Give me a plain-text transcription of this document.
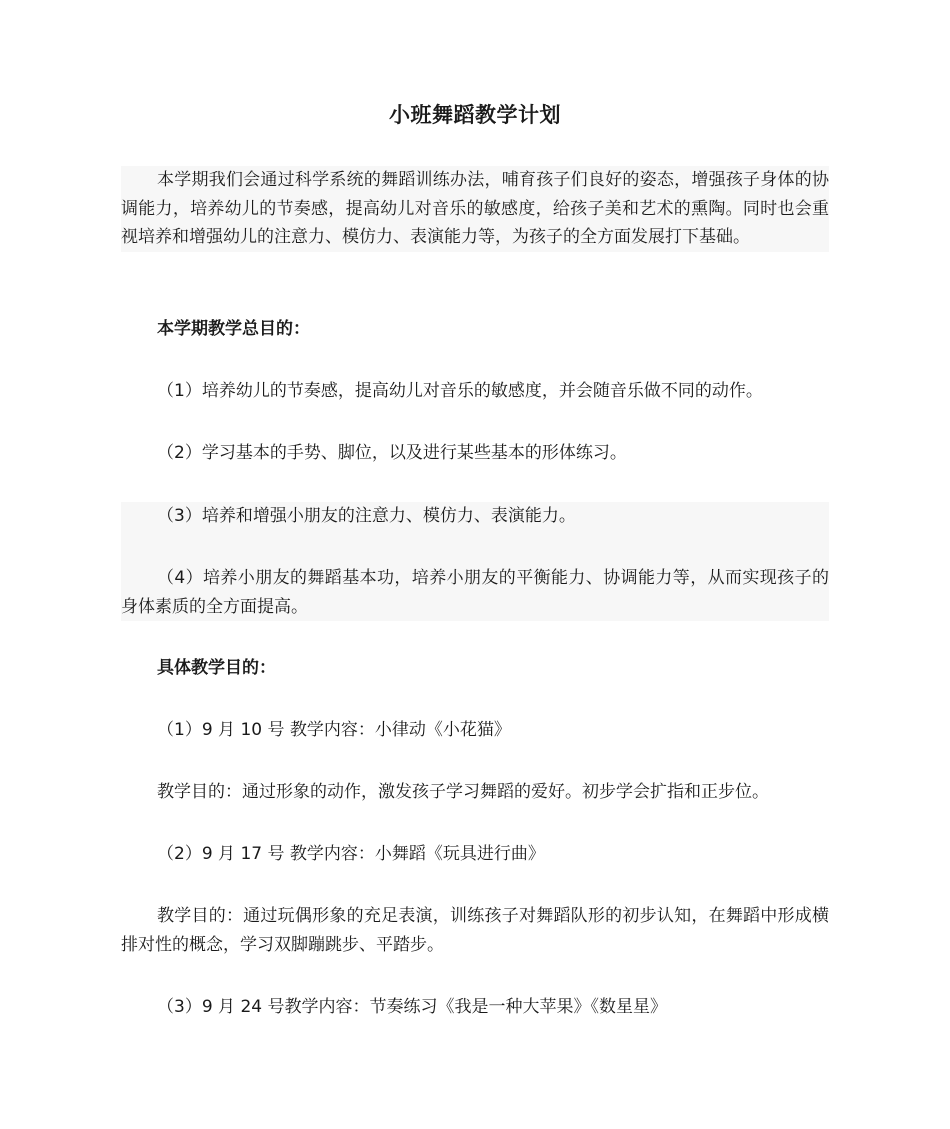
小班舞蹈教学计划

本学期我们会通过科学系统的舞蹈训练办法，哺育孩子们良好的姿态，增强孩子身体的协调能力，培养幼儿的节奏感，提高幼儿对音乐的敏感度，给孩子美和艺术的熏陶。同时也会重视培养和增强幼儿的注意力、模仿力、表演能力等，为孩子的全方面发展打下基础。

本学期教学总目的：

（1）培养幼儿的节奏感，提高幼儿对音乐的敏感度，并会随音乐做不同的动作。

（2）学习基本的手势、脚位，以及进行某些基本的形体练习。

（3）培养和增强小朋友的注意力、模仿力、表演能力。

（4）培养小朋友的舞蹈基本功，培养小朋友的平衡能力、协调能力等，从而实现孩子的身体素质的全方面提高。

具体教学目的：

（1）9 月 10 号 教学内容：小律动《小花猫》

教学目的：通过形象的动作，激发孩子学习舞蹈的爱好。初步学会扩指和正步位。

（2）9 月 17 号 教学内容：小舞蹈《玩具进行曲》

教学目的：通过玩偶形象的充足表演，训练孩子对舞蹈队形的初步认知，在舞蹈中形成横排对性的概念，学习双脚蹦跳步、平踏步。

（3）9 月 24 号教学内容：节奏练习《我是一种大苹果》《数星星》
